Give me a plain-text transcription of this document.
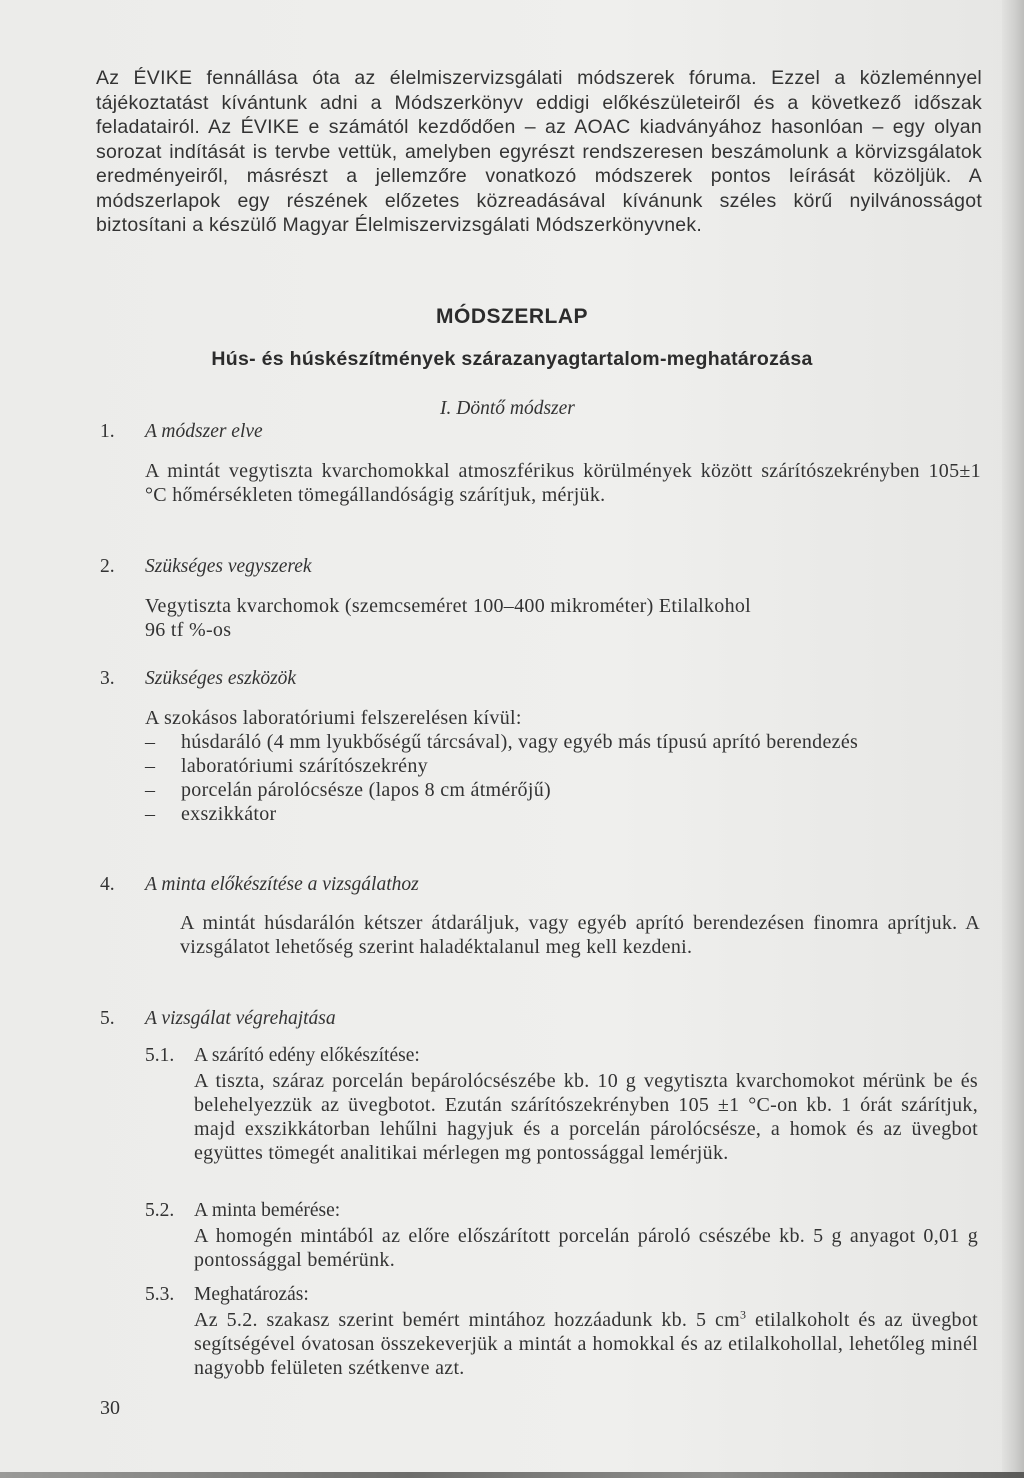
Az ÉVIKE fennállása óta az élelmiszervizsgálati módszerek fóruma. Ezzel a közleménnyel tájékoztatást kívántunk adni a Módszerkönyv eddigi előkészületeiről és a következő időszak feladatairól. Az ÉVIKE e számától kezdődően – az AOAC kiadványához hasonlóan – egy olyan sorozat indítását is tervbe vettük, amelyben egyrészt rendszeresen beszámolunk a körvizsgálatok eredményeiről, másrészt a jellemzőre vonatkozó módszerek pontos leírását közöljük. A módszerlapok egy részének előzetes közreadásával kívánunk széles körű nyilvánosságot biztosítani a készülő Magyar Élelmiszervizsgálati Módszerkönyvnek.
MÓDSZERLAP
Hús- és húskészítmények szárazanyagtartalom-meghatározása
I. Döntő módszer
1. A módszer elve
A mintát vegytiszta kvarchomokkal atmoszférikus körülmények között szárítószekrényben 105±1 °C hőmérsékleten tömegállandóságig szárítjuk, mérjük.
2. Szükséges vegyszerek
Vegytiszta kvarchomok (szemcseméret 100–400 mikrométer) Etilalkohol
96 tf %-os
3. Szükséges eszközök
A szokásos laboratóriumi felszerelésen kívül:
– húsdaráló (4 mm lyukbőségű tárcsával), vagy egyéb más típusú aprító berendezés
– laboratóriumi szárítószekrény
– porcelán párolócsésze (lapos 8 cm átmérőjű)
– exszikkátor
4. A minta előkészítése a vizsgálathoz
A mintát húsdarálón kétszer átdaráljuk, vagy egyéb aprító berendezésen finomra aprítjuk. A vizsgálatot lehetőség szerint haladéktalanul meg kell kezdeni.
5. A vizsgálat végrehajtása
5.1. A szárító edény előkészítése:
A tiszta, száraz porcelán bepárolócsészébe kb. 10 g vegytiszta kvarchomokot mérünk be és belehelyezzük az üvegbotot. Ezután szárítószekrényben 105 ±1 °C-on kb. 1 órát szárítjuk, majd exszikkátorban lehűlni hagyjuk és a porcelán párolócsésze, a homok és az üvegbot együttes tömegét analitikai mérlegen mg pontossággal lemérjük.
5.2. A minta bemérése:
A homogén mintából az előre előszárított porcelán pároló csészébe kb. 5 g anyagot 0,01 g pontossággal bemérünk.
5.3. Meghatározás:
Az 5.2. szakasz szerint bemért mintához hozzáadunk kb. 5 $cm^3$ etilalkoholt és az üvegbot segítségével óvatosan összekeverjük a mintát a homokkal és az etilalkohollal, lehetőleg minél nagyobb felületen szétkenve azt.
30
